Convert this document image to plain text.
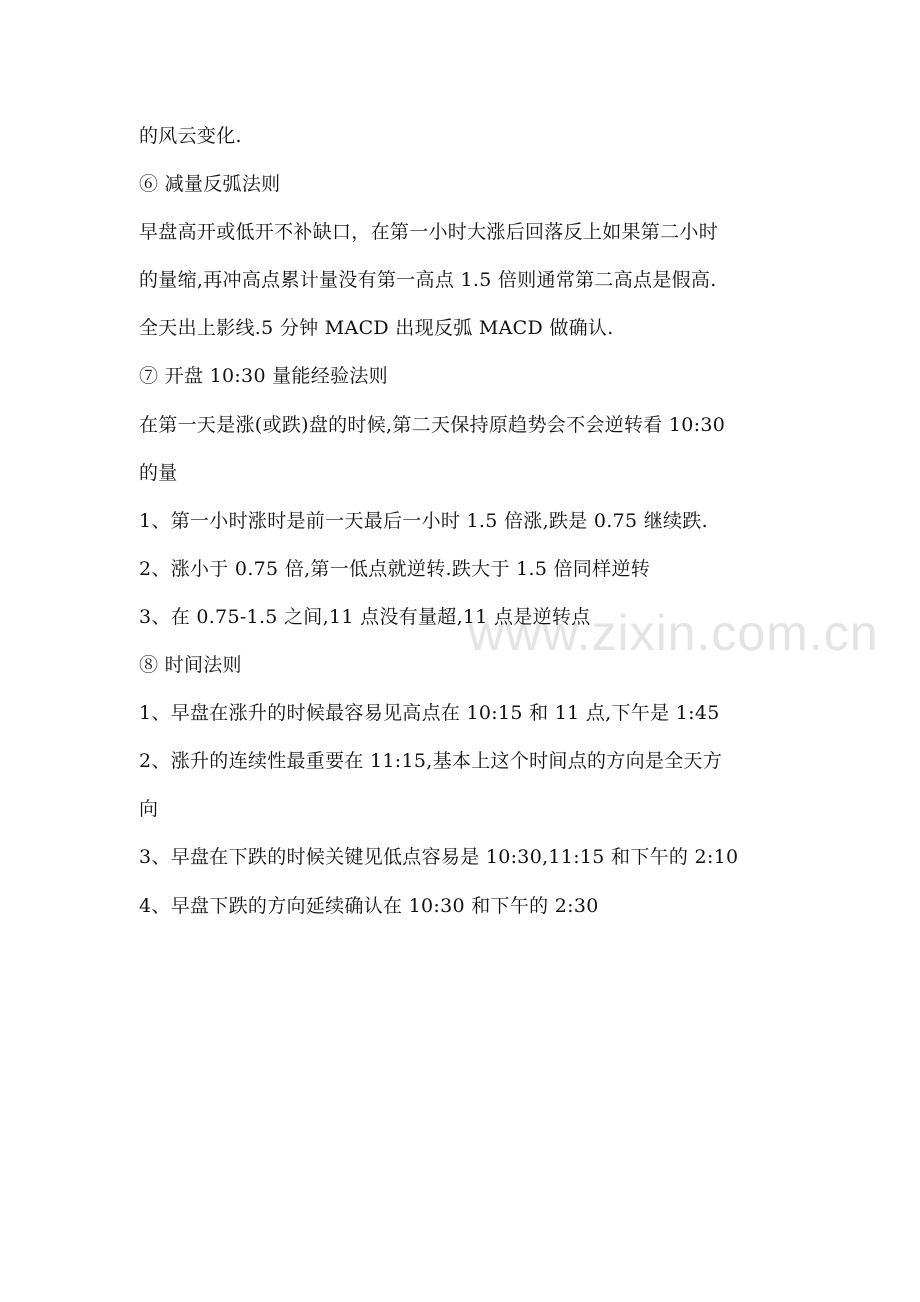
www.zixin.com.cn
的风云变化.
⑥ 减量反弧法则
早盘高开或低开不补缺口，在第一小时大涨后回落反上如果第二小时
的量缩,再冲高点累计量没有第一高点 1.5 倍则通常第二高点是假高.
全天出上影线.5 分钟 MACD 出现反弧 MACD 做确认.
⑦ 开盘 10:30 量能经验法则
在第一天是涨(或跌)盘的时候,第二天保持原趋势会不会逆转看 10:30
的量
1、第一小时涨时是前一天最后一小时 1.5 倍涨,跌是 0.75 继续跌.
2、涨小于 0.75 倍,第一低点就逆转.跌大于 1.5 倍同样逆转
3、在 0.75-1.5 之间,11 点没有量超,11 点是逆转点
⑧ 时间法则
1、早盘在涨升的时候最容易见高点在 10:15 和 11 点,下午是 1:45
2、涨升的连续性最重要在 11:15,基本上这个时间点的方向是全天方
向
3、早盘在下跌的时候关键见低点容易是 10:30,11:15 和下午的 2:10
4、早盘下跌的方向延续确认在 10:30 和下午的 2:30
